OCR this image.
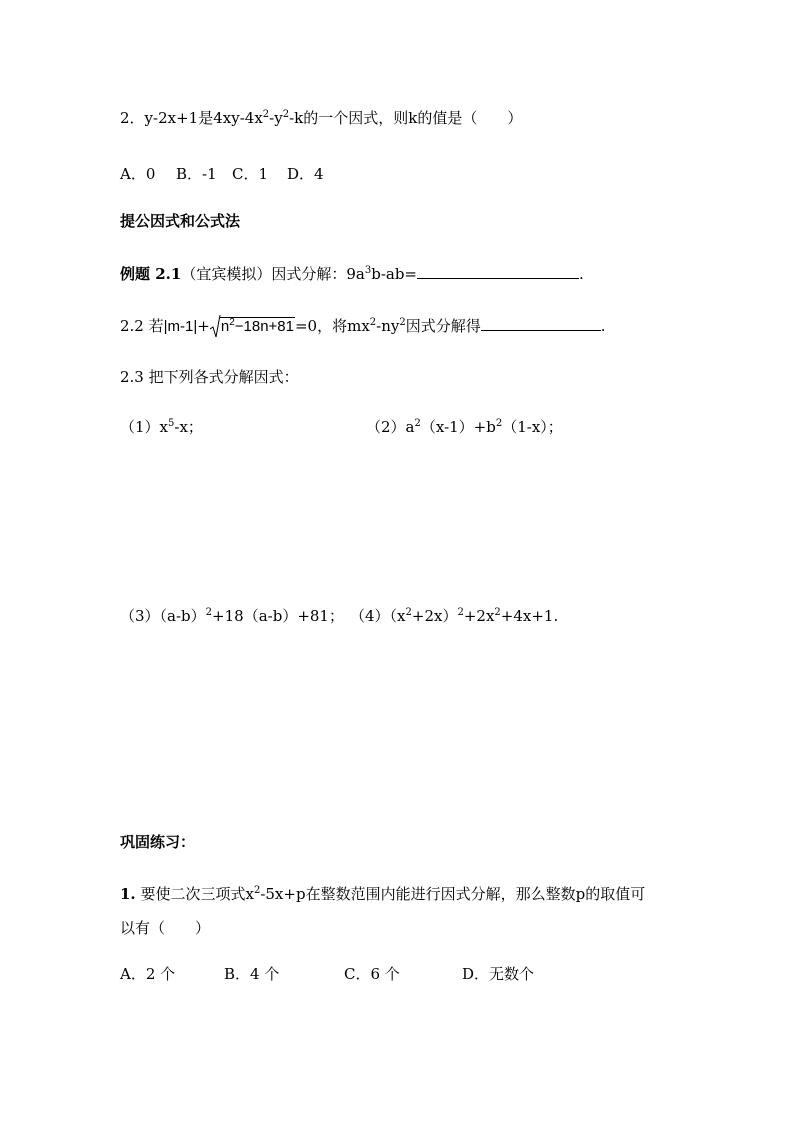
2．y-2x+1是$4xy-4x^2-y^2-k$的一个因式，则k的值是（　　）
A．0 B．-1 C．1 D．4
提公因式和公式法
例题 2.1（宜宾模拟）因式分解：$9a^3b-ab=$	.
2.2 若$|m-1|+ n^2-18n+81=0$，将$mx^2-ny^2$因式分解得	.
2.3 把下列各式分解因式：
$(1)x^5-x$；	$(2)a^2(x-1)+b^2(1-x)$；
$(3)(a-b)^2+18(a-b)+81$； $(4)(x^2+2x)^2+2x^2+4x+1$.
巩固练习：
1. 要使二次三项式$x^2-5x+p$在整数范围内能进行因式分解，那么整数p的取值可
以有（　　）
A．2 个	B．4 个	C．6 个	D．无数个
